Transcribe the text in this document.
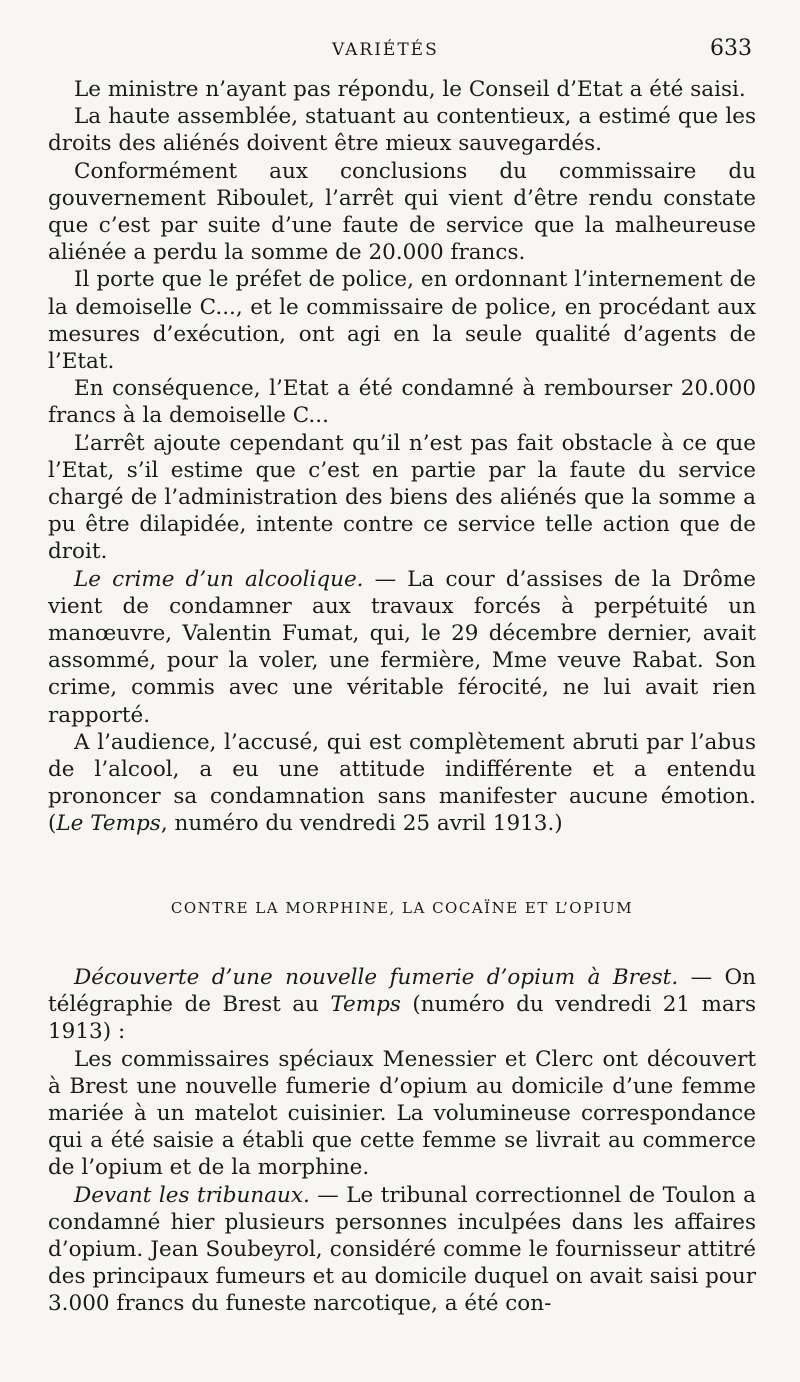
VARIÉTÉS	633

Le ministre n’ayant pas répondu, le Conseil d’Etat a été saisi.

La haute assemblée, statuant au contentieux, a estimé que les droits des aliénés doivent être mieux sauvegardés.

Conformément aux conclusions du commissaire du gouvernement Riboulet, l’arrêt qui vient d’être rendu constate que c’est par suite d’une faute de service que la malheureuse aliénée a perdu la somme de 20.000 francs.

Il porte que le préfet de police, en ordonnant l’internement de la demoiselle C..., et le commissaire de police, en procédant aux mesures d’exécution, ont agi en la seule qualité d’agents de l’Etat.

En conséquence, l’Etat a été condamné à rembourser 20.000 francs à la demoiselle C...

L’arrêt ajoute cependant qu’il n’est pas fait obstacle à ce que l’Etat, s’il estime que c’est en partie par la faute du service chargé de l’administration des biens des aliénés que la somme a pu être dilapidée, intente contre ce service telle action que de droit.

Le crime d’un alcoolique. — La cour d’assises de la Drôme vient de condamner aux travaux forcés à perpétuité un manœuvre, Valentin Fumat, qui, le 29 décembre dernier, avait assommé, pour la voler, une fermière, Mme veuve Rabat. Son crime, commis avec une véritable férocité, ne lui avait rien rapporté.

A l’audience, l’accusé, qui est complètement abruti par l’abus de l’alcool, a eu une attitude indifférente et a entendu prononcer sa condamnation sans manifester aucune émotion. (Le Temps, numéro du vendredi 25 avril 1913.)

CONTRE LA MORPHINE, LA COCAÏNE ET L’OPIUM

Découverte d’une nouvelle fumerie d’opium à Brest. — On télégraphie de Brest au Temps (numéro du vendredi 21 mars 1913) :

Les commissaires spéciaux Menessier et Clerc ont découvert à Brest une nouvelle fumerie d’opium au domicile d’une femme mariée à un matelot cuisinier. La volumineuse correspondance qui a été saisie a établi que cette femme se livrait au commerce de l’opium et de la morphine.

Devant les tribunaux. — Le tribunal correctionnel de Toulon a condamné hier plusieurs personnes inculpées dans les affaires d’opium. Jean Soubeyrol, considéré comme le fournisseur attitré des principaux fumeurs et au domicile duquel on avait saisi pour 3.000 francs du funeste narcotique, a été con-
